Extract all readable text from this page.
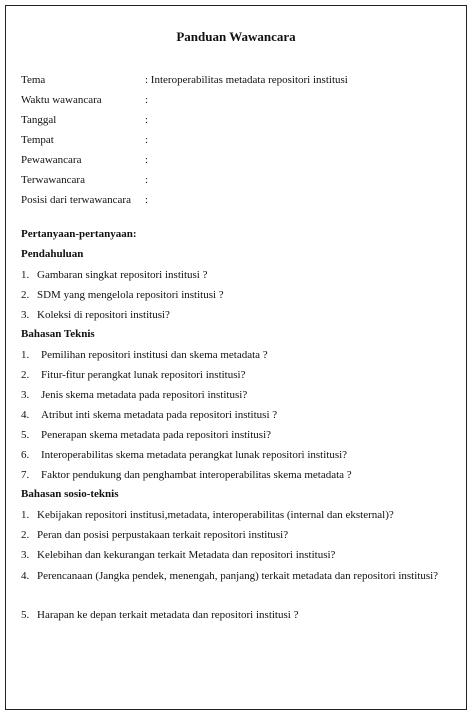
Panduan Wawancara
Tema	: Interoperabilitas metadata repositori institusi
Waktu wawancara	:
Tanggal	:
Tempat	:
Pewawancara	:
Terwawancara	:
Posisi dari terwawancara :
Pertanyaan-pertanyaan:
Pendahuluan
1. Gambaran singkat repositori institusi ?
2. SDM yang mengelola repositori institusi ?
3. Koleksi di repositori institusi?
Bahasan Teknis
1. Pemilihan repositori institusi dan skema metadata ?
2. Fitur-fitur perangkat lunak repositori institusi?
3. Jenis skema metadata pada repositori institusi?
4. Atribut inti skema metadata pada repositori institusi ?
5. Penerapan skema metadata pada repositori institusi?
6. Interoperabilitas skema metadata perangkat lunak repositori institusi?
7. Faktor pendukung dan penghambat interoperabilitas skema metadata ?
Bahasan sosio-teknis
1. Kebijakan repositori institusi,metadata, interoperabilitas (internal dan eksternal)?
2. Peran dan posisi perpustakaan terkait repositori institusi?
3. Kelebihan dan kekurangan terkait Metadata dan repositori institusi?
4. Perencanaan (Jangka pendek, menengah, panjang) terkait metadata dan repositori institusi?
5. Harapan ke depan terkait metadata dan repositori institusi ?
